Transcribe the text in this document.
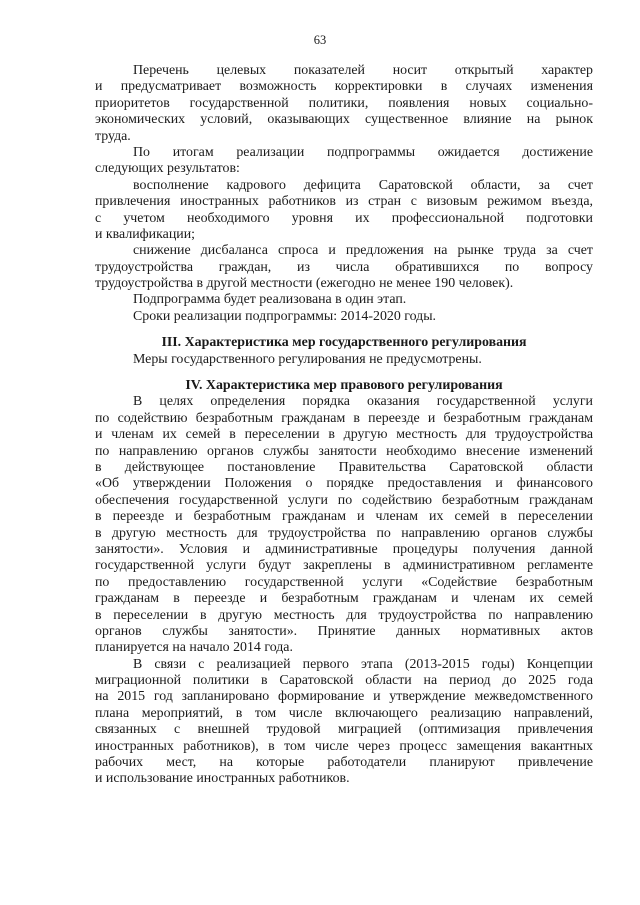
63
Перечень целевых показателей носит открытый характер
и предусматривает возможность корректировки в случаях изменения
приоритетов государственной политики, появления новых социально-
экономических условий, оказывающих существенное влияние на рынок
труда.
По итогам реализации подпрограммы ожидается достижение
следующих результатов:
восполнение кадрового дефицита Саратовской области, за счет
привлечения иностранных работников из стран с визовым режимом въезда,
с учетом необходимого уровня их профессиональной подготовки
и квалификации;
снижение дисбаланса спроса и предложения на рынке труда за счет
трудоустройства граждан, из числа обратившихся по вопросу
трудоустройства в другой местности (ежегодно не менее 190 человек).
Подпрограмма будет реализована в один этап.
Сроки реализации подпрограммы: 2014-2020 годы.
III. Характеристика мер государственного регулирования
Меры государственного регулирования не предусмотрены.
IV. Характеристика мер правового регулирования
В целях определения порядка оказания государственной услуги
по содействию безработным гражданам в переезде и безработным гражданам
и членам их семей в переселении в другую местность для трудоустройства
по направлению органов службы занятости необходимо внесение изменений
в действующее постановление Правительства Саратовской области
«Об утверждении Положения о порядке предоставления и финансового
обеспечения государственной услуги по содействию безработным гражданам
в переезде и безработным гражданам и членам их семей в переселении
в другую местность для трудоустройства по направлению органов службы
занятости». Условия и административные процедуры получения данной
государственной услуги будут закреплены в административном регламенте
по предоставлению государственной услуги «Содействие безработным
гражданам в переезде и безработным гражданам и членам их семей
в переселении в другую местность для трудоустройства по направлению
органов службы занятости». Принятие данных нормативных актов
планируется на начало 2014 года.
В связи с реализацией первого этапа (2013-2015 годы) Концепции
миграционной политики в Саратовской области на период до 2025 года
на 2015 год запланировано формирование и утверждение межведомственного
плана мероприятий, в том числе включающего реализацию направлений,
связанных с внешней трудовой миграцией (оптимизация привлечения
иностранных работников), в том числе через процесс замещения вакантных
рабочих мест, на которые работодатели планируют привлечение
и использование иностранных работников.
